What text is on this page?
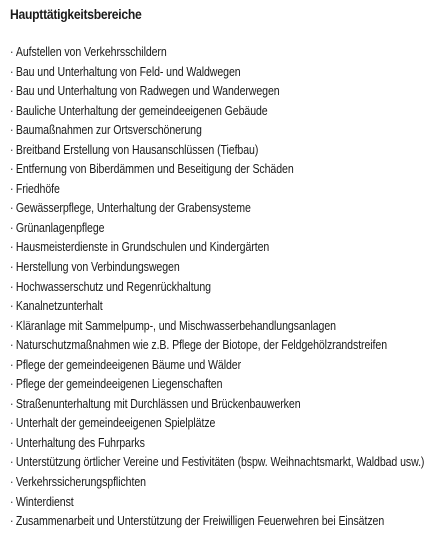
Haupttätigkeitsbereiche
· Aufstellen von Verkehrsschildern
· Bau und Unterhaltung von Feld- und Waldwegen
· Bau und Unterhaltung von Radwegen und Wanderwegen
· Bauliche Unterhaltung der gemeindeeigenen Gebäude
· Baumaßnahmen zur Ortsverschönerung
· Breitband Erstellung von Hausanschlüssen (Tiefbau)
· Entfernung von Biberdämmen und Beseitigung der Schäden
· Friedhöfe
· Gewässerpflege, Unterhaltung der Grabensysteme
· Grünanlagenpflege
· Hausmeisterdienste in Grundschulen und Kindergärten
· Herstellung von Verbindungswegen
· Hochwasserschutz und Regenrückhaltung
· Kanalnetzunterhalt
· Kläranlage mit Sammelpump-, und Mischwasserbehandlungsanlagen
· Naturschutzmaßnahmen wie z.B. Pflege der Biotope, der Feldgehölzrandstreifen
· Pflege der gemeindeeigenen Bäume und Wälder
· Pflege der gemeindeeigenen Liegenschaften
· Straßenunterhaltung mit Durchlässen und Brückenbauwerken
· Unterhalt der gemeindeeigenen Spielplätze
· Unterhaltung des Fuhrparks
· Unterstützung örtlicher Vereine und Festivitäten (bspw. Weihnachtsmarkt, Waldbad usw.)
· Verkehrssicherungspflichten
· Winterdienst
· Zusammenarbeit und Unterstützung der Freiwilligen Feuerwehren bei Einsätzen
